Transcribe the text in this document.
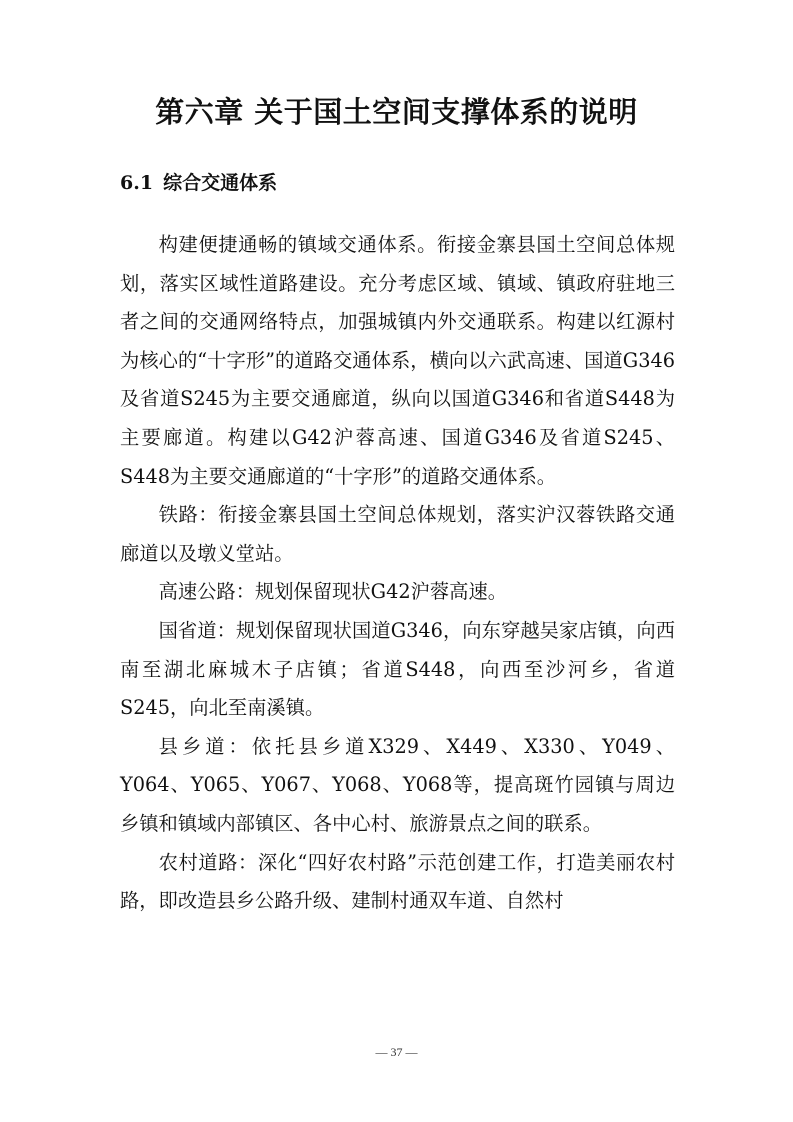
第六章 关于国土空间支撑体系的说明
6.1 综合交通体系

构建便捷通畅的镇域交通体系。衔接金寨县国土空间总体规划，落实区域性道路建设。充分考虑区域、镇域、镇政府驻地三者之间的交通网络特点，加强城镇内外交通联系。构建以红源村为核心的“十字形”的道路交通体系，横向以六武高速、国道G346及省道S245为主要交通廊道，纵向以国道G346和省道S448为主要廊道。构建以G42沪蓉高速、国道G346及省道S245、S448为主要交通廊道的“十字形”的道路交通体系。

铁路：衔接金寨县国土空间总体规划，落实沪汉蓉铁路交通廊道以及墩义堂站。

高速公路：规划保留现状G42沪蓉高速。

国省道：规划保留现状国道G346，向东穿越吴家店镇，向西南至湖北麻城木子店镇；省道S448，向西至沙河乡，省道S245，向北至南溪镇。

县乡道：依托县乡道X329、X449、X330、Y049、Y064、Y065、Y067、Y068、Y068等，提高斑竹园镇与周边乡镇和镇域内部镇区、各中心村、旅游景点之间的联系。

农村道路：深化“四好农村路”示范创建工作，打造美丽农村路，即改造县乡公路升级、建制村通双车道、自然村

— 37 —
